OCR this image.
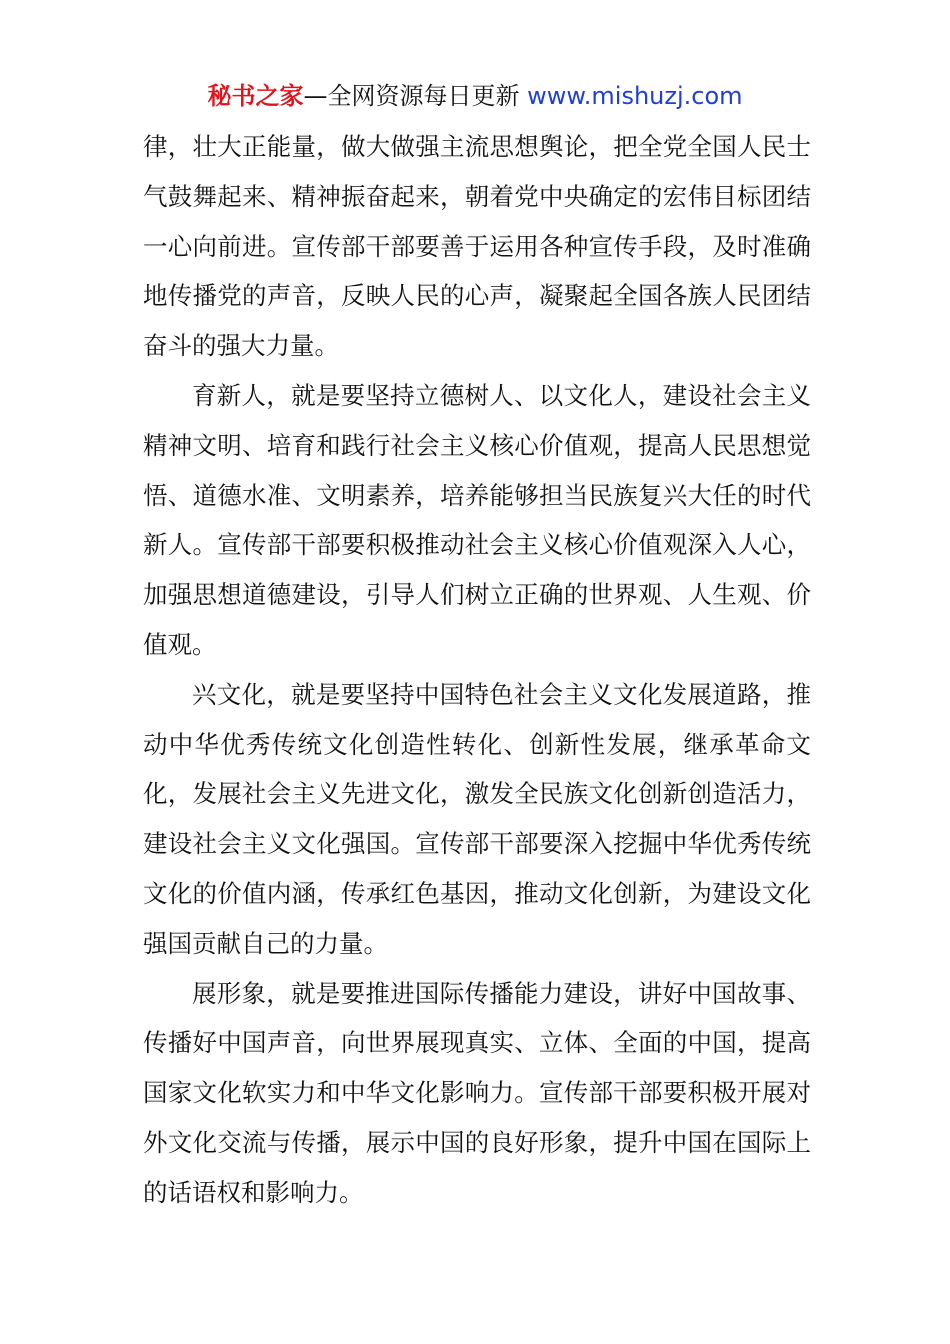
秘书之家—全网资源每日更新 www.mishuzj.com

律，壮大正能量，做大做强主流思想舆论，把全党全国人民士气鼓舞起来、精神振奋起来，朝着党中央确定的宏伟目标团结一心向前进。宣传部干部要善于运用各种宣传手段，及时准确地传播党的声音，反映人民的心声，凝聚起全国各族人民团结奋斗的强大力量。

育新人，就是要坚持立德树人、以文化人，建设社会主义精神文明、培育和践行社会主义核心价值观，提高人民思想觉悟、道德水准、文明素养，培养能够担当民族复兴大任的时代新人。宣传部干部要积极推动社会主义核心价值观深入人心，加强思想道德建设，引导人们树立正确的世界观、人生观、价值观。

兴文化，就是要坚持中国特色社会主义文化发展道路，推动中华优秀传统文化创造性转化、创新性发展，继承革命文化，发展社会主义先进文化，激发全民族文化创新创造活力，建设社会主义文化强国。宣传部干部要深入挖掘中华优秀传统文化的价值内涵，传承红色基因，推动文化创新，为建设文化强国贡献自己的力量。

展形象，就是要推进国际传播能力建设，讲好中国故事、传播好中国声音，向世界展现真实、立体、全面的中国，提高国家文化软实力和中华文化影响力。宣传部干部要积极开展对外文化交流与传播，展示中国的良好形象，提升中国在国际上的话语权和影响力。
